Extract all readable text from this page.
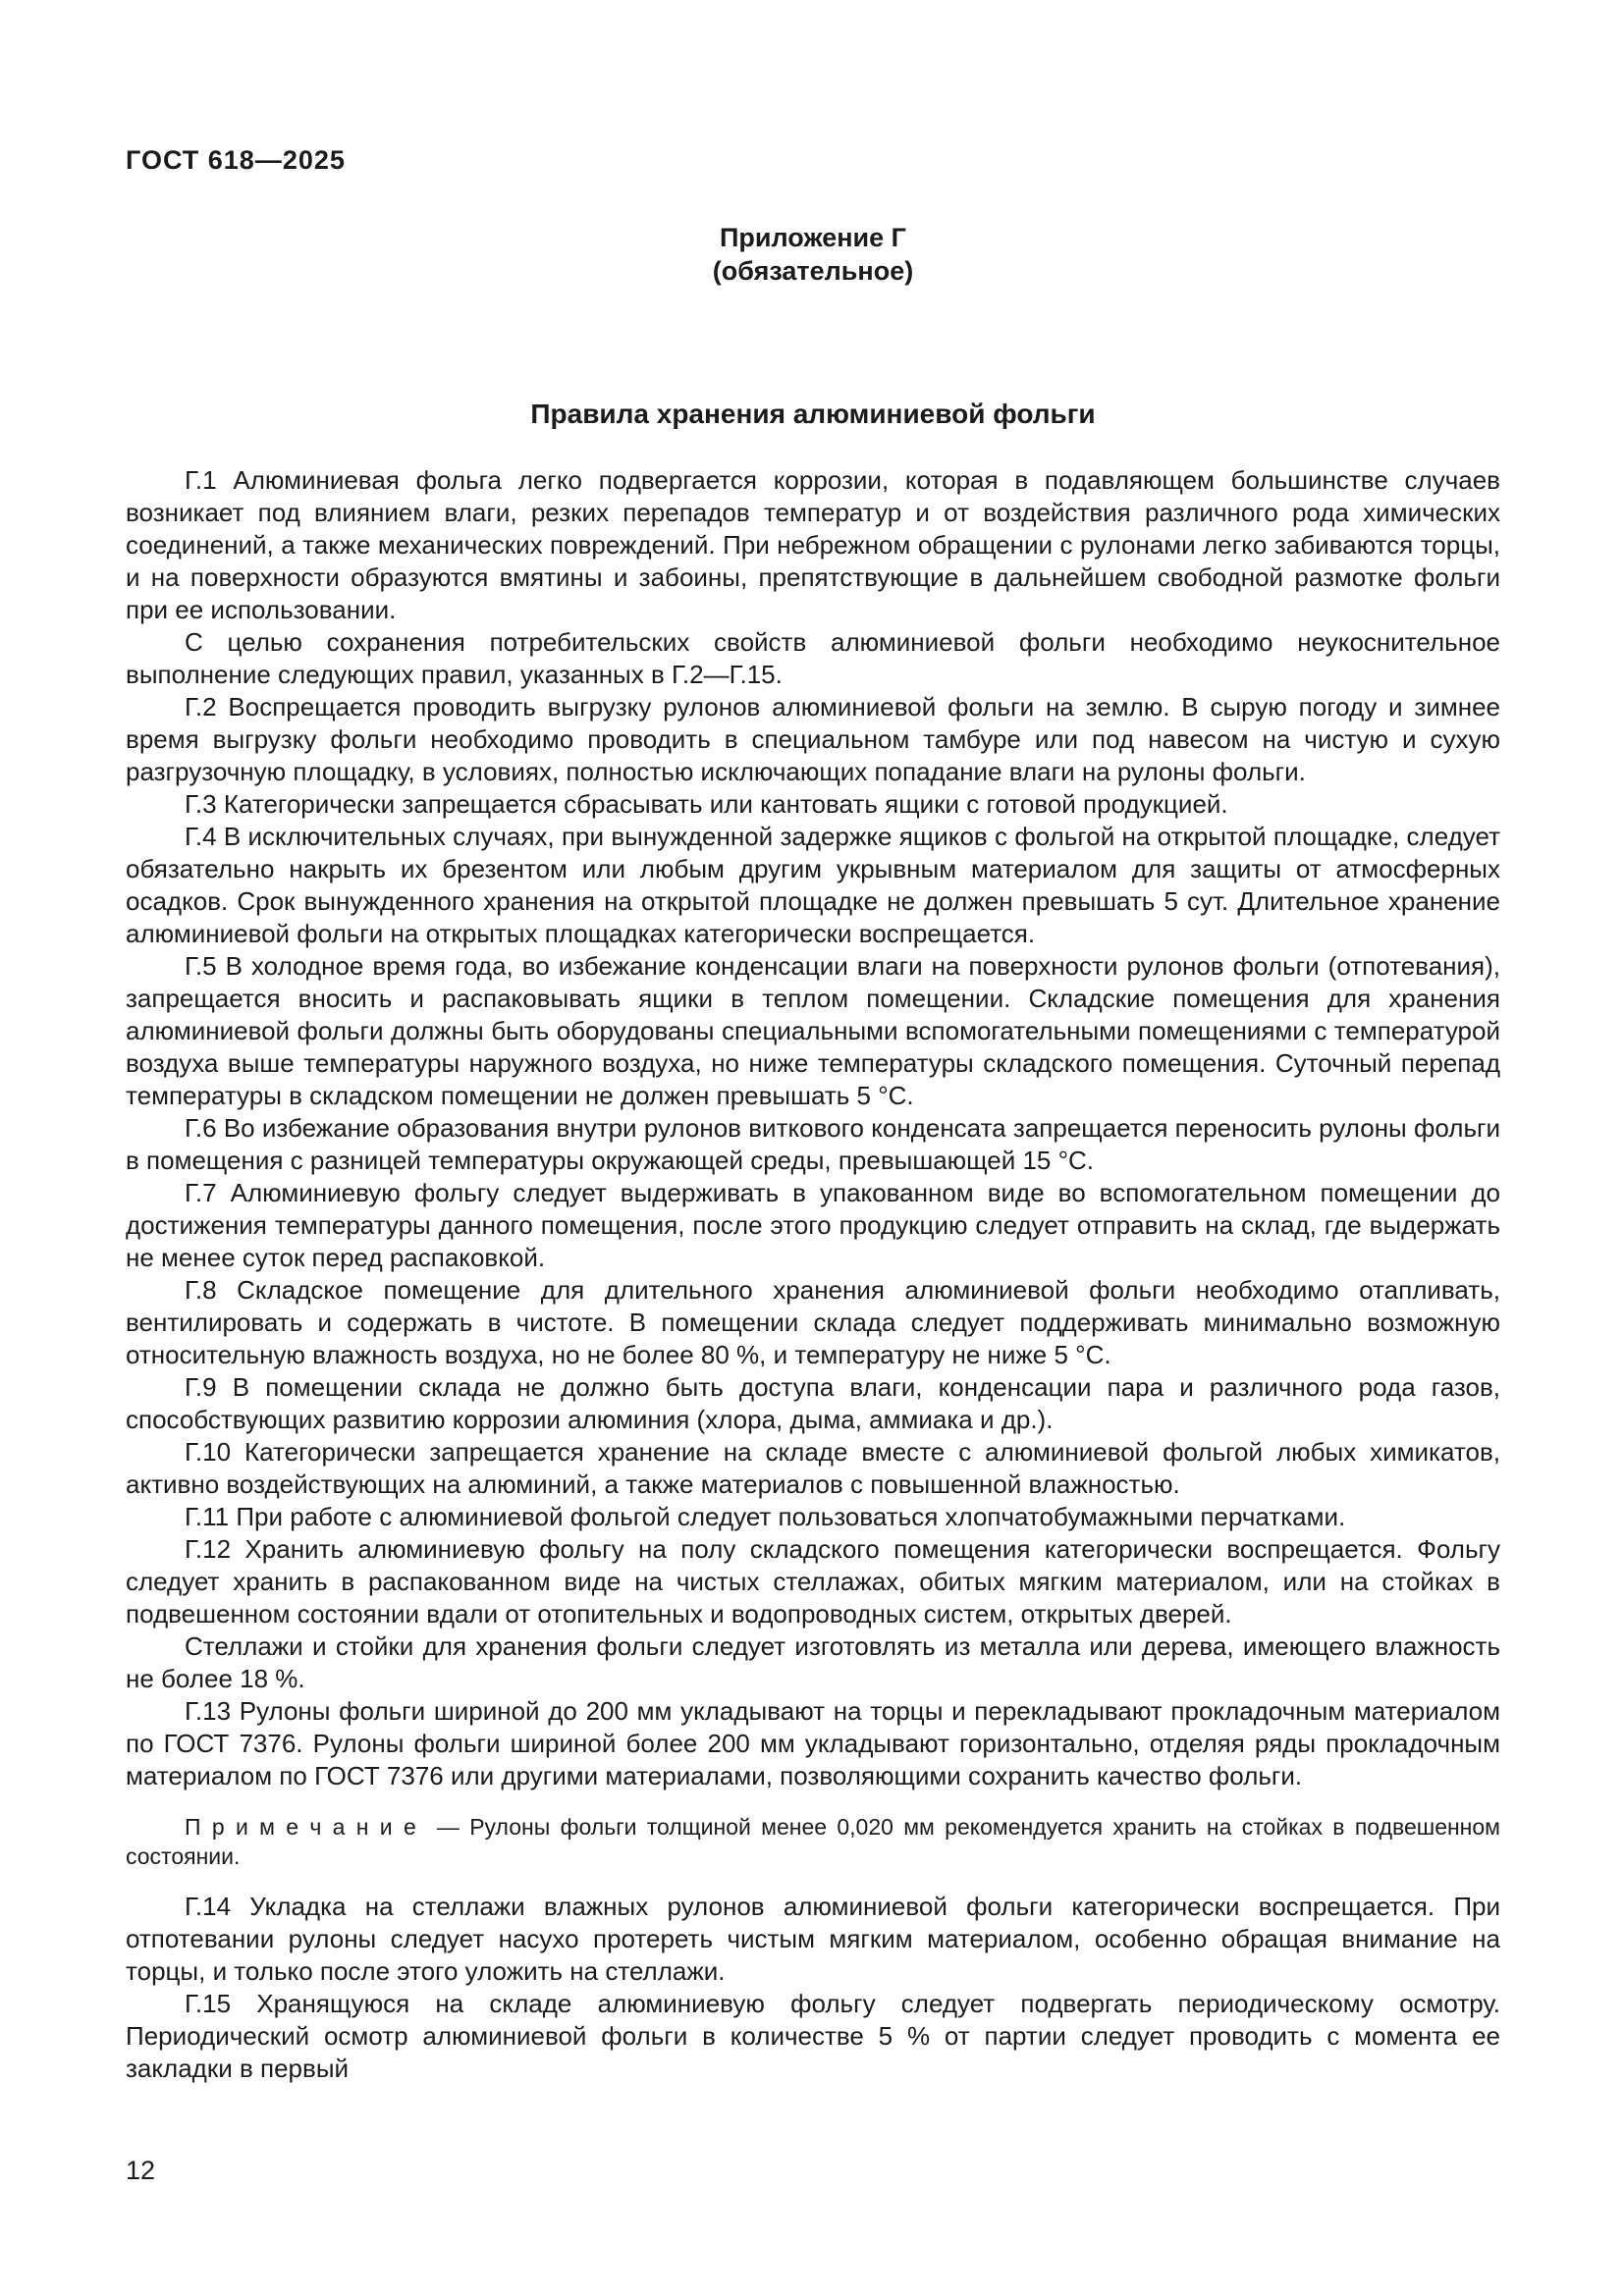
ГОСТ 618—2025
Приложение Г
(обязательное)
Правила хранения алюминиевой фольги

Г.1 Алюминиевая фольга легко подвергается коррозии, которая в подавляющем большинстве случаев возникает под влиянием влаги, резких перепадов температур и от воздействия различного рода химических соединений, а также механических повреждений. При небрежном обращении с рулонами легко забиваются торцы, и на поверхности образуются вмятины и забоины, препятствующие в дальнейшем свободной размотке фольги при ее использовании.

С целью сохранения потребительских свойств алюминиевой фольги необходимо неукоснительное выполнение следующих правил, указанных в Г.2—Г.15.

Г.2 Воспрещается проводить выгрузку рулонов алюминиевой фольги на землю. В сырую погоду и зимнее время выгрузку фольги необходимо проводить в специальном тамбуре или под навесом на чистую и сухую разгрузочную площадку, в условиях, полностью исключающих попадание влаги на рулоны фольги.

Г.3 Категорически запрещается сбрасывать или кантовать ящики с готовой продукцией.

Г.4 В исключительных случаях, при вынужденной задержке ящиков с фольгой на открытой площадке, следует обязательно накрыть их брезентом или любым другим укрывным материалом для защиты от атмосферных осадков. Срок вынужденного хранения на открытой площадке не должен превышать 5 сут. Длительное хранение алюминиевой фольги на открытых площадках категорически воспрещается.

Г.5 В холодное время года, во избежание конденсации влаги на поверхности рулонов фольги (отпотевания), запрещается вносить и распаковывать ящики в теплом помещении. Складские помещения для хранения алюминиевой фольги должны быть оборудованы специальными вспомогательными помещениями с температурой воздуха выше температуры наружного воздуха, но ниже температуры складского помещения. Суточный перепад температуры в складском помещении не должен превышать 5 °С.

Г.6 Во избежание образования внутри рулонов виткового конденсата запрещается переносить рулоны фольги в помещения с разницей температуры окружающей среды, превышающей 15 °С.

Г.7 Алюминиевую фольгу следует выдерживать в упакованном виде во вспомогательном помещении до достижения температуры данного помещения, после этого продукцию следует отправить на склад, где выдержать не менее суток перед распаковкой.

Г.8 Складское помещение для длительного хранения алюминиевой фольги необходимо отапливать, вентилировать и содержать в чистоте. В помещении склада следует поддерживать минимально возможную относительную влажность воздуха, но не более 80 %, и температуру не ниже 5 °С.

Г.9 В помещении склада не должно быть доступа влаги, конденсации пара и различного рода газов, способствующих развитию коррозии алюминия (хлора, дыма, аммиака и др.).

Г.10 Категорически запрещается хранение на складе вместе с алюминиевой фольгой любых химикатов, активно воздействующих на алюминий, а также материалов с повышенной влажностью.

Г.11 При работе с алюминиевой фольгой следует пользоваться хлопчатобумажными перчатками.

Г.12 Хранить алюминиевую фольгу на полу складского помещения категорически воспрещается. Фольгу следует хранить в распакованном виде на чистых стеллажах, обитых мягким материалом, или на стойках в подвешенном состоянии вдали от отопительных и водопроводных систем, открытых дверей.

Стеллажи и стойки для хранения фольги следует изготовлять из металла или дерева, имеющего влажность не более 18 %.

Г.13 Рулоны фольги шириной до 200 мм укладывают на торцы и перекладывают прокладочным материалом по ГОСТ 7376. Рулоны фольги шириной более 200 мм укладывают горизонтально, отделяя ряды прокладочным материалом по ГОСТ 7376 или другими материалами, позволяющими сохранить качество фольги.

П р и м е ч а н и е  — Рулоны фольги толщиной менее 0,020 мм рекомендуется хранить на стойках в подвешенном состоянии.

Г.14 Укладка на стеллажи влажных рулонов алюминиевой фольги категорически воспрещается. При отпотевании рулоны следует насухо протереть чистым мягким материалом, особенно обращая внимание на торцы, и только после этого уложить на стеллажи.

Г.15 Хранящуюся на складе алюминиевую фольгу следует подвергать периодическому осмотру. Периодический осмотр алюминиевой фольги в количестве 5 % от партии следует проводить с момента ее закладки в первый

12
